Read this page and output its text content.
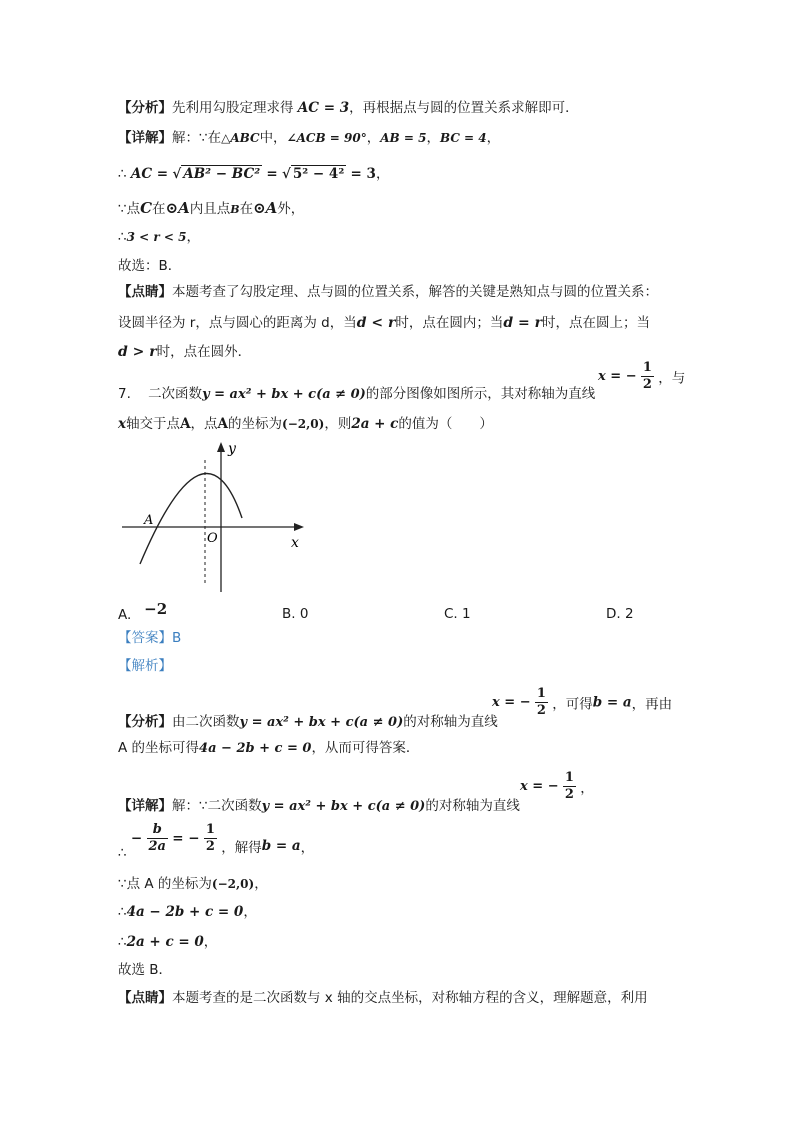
【分析】先利用勾股定理求得 AC = 3，再根据点与圆的位置关系求解即可．
【详解】解：∵在△ABC中，∠ACB = 90°，AB = 5，BC = 4，
∴ AC = √ AB² − BC² = √ 5² − 4² = 3，
∵点C在⊙A内且点B在⊙A外，
∴3 < r < 5，
故选：B．
【点睛】本题考查了勾股定理、点与圆的位置关系，解答的关键是熟知点与圆的位置关系：
设圆半径为 r，点与圆心的距离为 d，当d < r时，点在圆内；当d = r时，点在圆上；当
d > r时，点在圆外．
7. 二次函数y = ax² + bx + c(a ≠ 0)的部分图像如图所示，其对称轴为直线
x = − $\frac{1}{2}$ ，与
x轴交于点A，点A的坐标为(−2,0)，则2a + c的值为（　　）
y
x
O
A
A. −2	B. 0	C. 1	D. 2
【答案】B
【解析】
【分析】由二次函数y = ax² + bx + c(a ≠ 0)的对称轴为直线
x = − $\frac{1}{2}$ ，可得b = a，再由
A 的坐标可得4a − 2b + c = 0，从而可得答案．
【详解】解：∵二次函数y = ax² + bx + c(a ≠ 0)的对称轴为直线
x = − $\frac{1}{2}$ ，
∴ − $\frac{b}{2a}$ = − $\frac{1}{2}$ ，解得b = a，
∵点 A 的坐标为(−2,0)，
∴4a − 2b + c = 0，
∴2a + c = 0，
故选 B．
【点睛】本题考查的是二次函数与 x 轴的交点坐标，对称轴方程的含义，理解题意，利用
